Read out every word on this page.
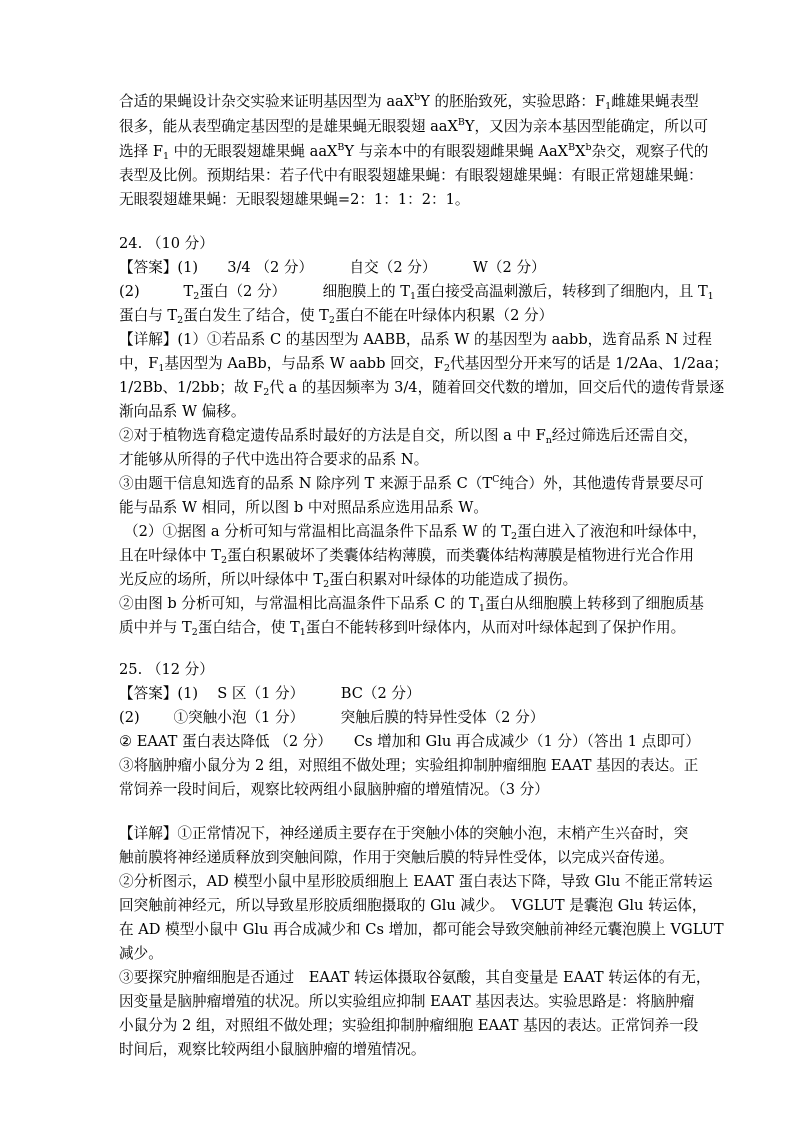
合适的果蝇设计杂交实验来证明基因型为 aaX$^b$Y 的胚胎致死，实验思路：$F_1$雌雄果蝇表型
很多，能从表型确定基因型的是雄果蝇无眼裂翅 aaX$^B$Y，又因为亲本基因型能确定，所以可
选择 $F_1$ 中的无眼裂翅雄果蝇 aaX$^B$Y 与亲本中的有眼裂翅雌果蝇 $AaX^BX^b$杂交，观察子代的
表型及比例。预期结果：若子代中有眼裂翅雄果蝇：有眼裂翅雄果蝇：有眼正常翅雄果蝇：
无眼裂翅雄果蝇：无眼裂翅雄果蝇=2：1：1：2：1。
24. （10 分）
【答案】(1)　　3/4 （2 分）　　　自交（2 分）　　　W（2 分）
(2)　　　$T_2$蛋白（2 分）　　　细胞膜上的 $T_1$蛋白接受高温刺激后，转移到了细胞内，且 $T_1$
蛋白与 $T_2$蛋白发生了结合，使 $T_2$蛋白不能在叶绿体内积累（2 分）
【详解】(1）①若品系 C 的基因型为 AABB，品系 W 的基因型为 aabb，选育品系 N 过程
中，$F_1$基因型为 AaBb，与品系 W aabb 回交，$F_2$代基因型分开来写的话是 1/2Aa、1/2aa；
1/2Bb、1/2bb；故 $F_2$代 a 的基因频率为 3/4，随着回交代数的增加，回交后代的遗传背景逐
渐向品系 W 偏移。
②对于植物选育稳定遗传品系时最好的方法是自交，所以图 a 中 $F_n$经过筛选后还需自交，
才能够从所得的子代中选出符合要求的品系 N。
③由题干信息知选育的品系 N 除序列 T 来源于品系 $C(T^C$纯合）外，其他遗传背景要尽可
能与品系 W 相同，所以图 b 中对照品系应选用品系 W。
（2）①据图 a 分析可知与常温相比高温条件下品系 W 的 $T_2$蛋白进入了液泡和叶绿体中，
且在叶绿体中 $T_2$蛋白积累破坏了类囊体结构薄膜，而类囊体结构薄膜是植物进行光合作用
光反应的场所，所以叶绿体中 $T_2$蛋白积累对叶绿体的功能造成了损伤。
②由图 b 分析可知，与常温相比高温条件下品系 C 的 $T_1$蛋白从细胞膜上转移到了细胞质基
质中并与 $T_2$蛋白结合，使 $T_1$蛋白不能转移到叶绿体内，从而对叶绿体起到了保护作用。
25. （12 分）
【答案】(1)　 S 区（1 分）　　　BC（2 分）
(2)　　 ①突触小泡（1 分）　　　突触后膜的特异性受体（2 分）
② EAAT 蛋白表达降低 （2 分）　　Cs 增加和 Glu 再合成减少（1 分）（答出 1 点即可）
③将脑肿瘤小鼠分为 2 组，对照组不做处理；实验组抑制肿瘤细胞 EAAT 基因的表达。正
常饲养一段时间后，观察比较两组小鼠脑肿瘤的增殖情况。（3 分）
【详解】①正常情况下，神经递质主要存在于突触小体的突触小泡，末梢产生兴奋时，突
触前膜将神经递质释放到突触间隙，作用于突触后膜的特异性受体，以完成兴奋传递。
②分析图示，AD 模型小鼠中星形胶质细胞上 EAAT 蛋白表达下降，导致 Glu 不能正常转运
回突触前神经元，所以导致星形胶质细胞摄取的 Glu 减少。　VGLUT 是囊泡 Glu 转运体，
在 AD 模型小鼠中 Glu 再合成减少和 Cs 增加，都可能会导致突触前神经元囊泡膜上 VGLUT
减少。
③要探究肿瘤细胞是否通过　EAAT 转运体摄取谷氨酸，其自变量是 EAAT 转运体的有无，
因变量是脑肿瘤增殖的状况。所以实验组应抑制 EAAT 基因表达。实验思路是：将脑肿瘤
小鼠分为 2 组，对照组不做处理；实验组抑制肿瘤细胞 EAAT 基因的表达。正常饲养一段
时间后，观察比较两组小鼠脑肿瘤的增殖情况。
